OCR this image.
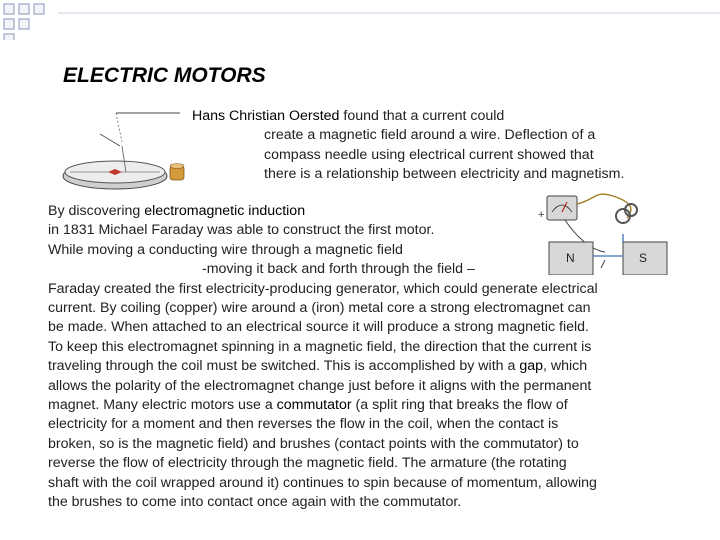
ELECTRIC MOTORS
Hans Christian Oersted found that a current could
create a magnetic field around a wire. Deflection of a
compass needle using electrical current showed that
there is a relationship between electricity and magnetism.
+
N	S
By discovering electromagnetic induction
in 1831 Michael Faraday was able to construct the first motor.
While moving a conducting wire through a magnetic field
-moving it back and forth through the field –
Faraday created the first electricity-producing generator, which could generate electrical
current. By coiling (copper) wire around a (iron) metal core a strong electromagnet can
be made. When attached to an electrical source it will produce a strong magnetic field.
To keep this electromagnet spinning in a magnetic field, the direction that the current is
traveling through the coil must be switched. This is accomplished by with a gap, which
allows the polarity of the electromagnet change just before it aligns with the permanent
magnet. Many electric motors use a commutator (a split ring that breaks the flow of
electricity for a moment and then reverses the flow in the coil, when the contact is
broken, so is the magnetic field) and brushes (contact points with the commutator) to
reverse the flow of electricity through the magnetic field. The armature (the rotating
shaft with the coil wrapped around it) continues to spin because of momentum, allowing
the brushes to come into contact once again with the commutator.
